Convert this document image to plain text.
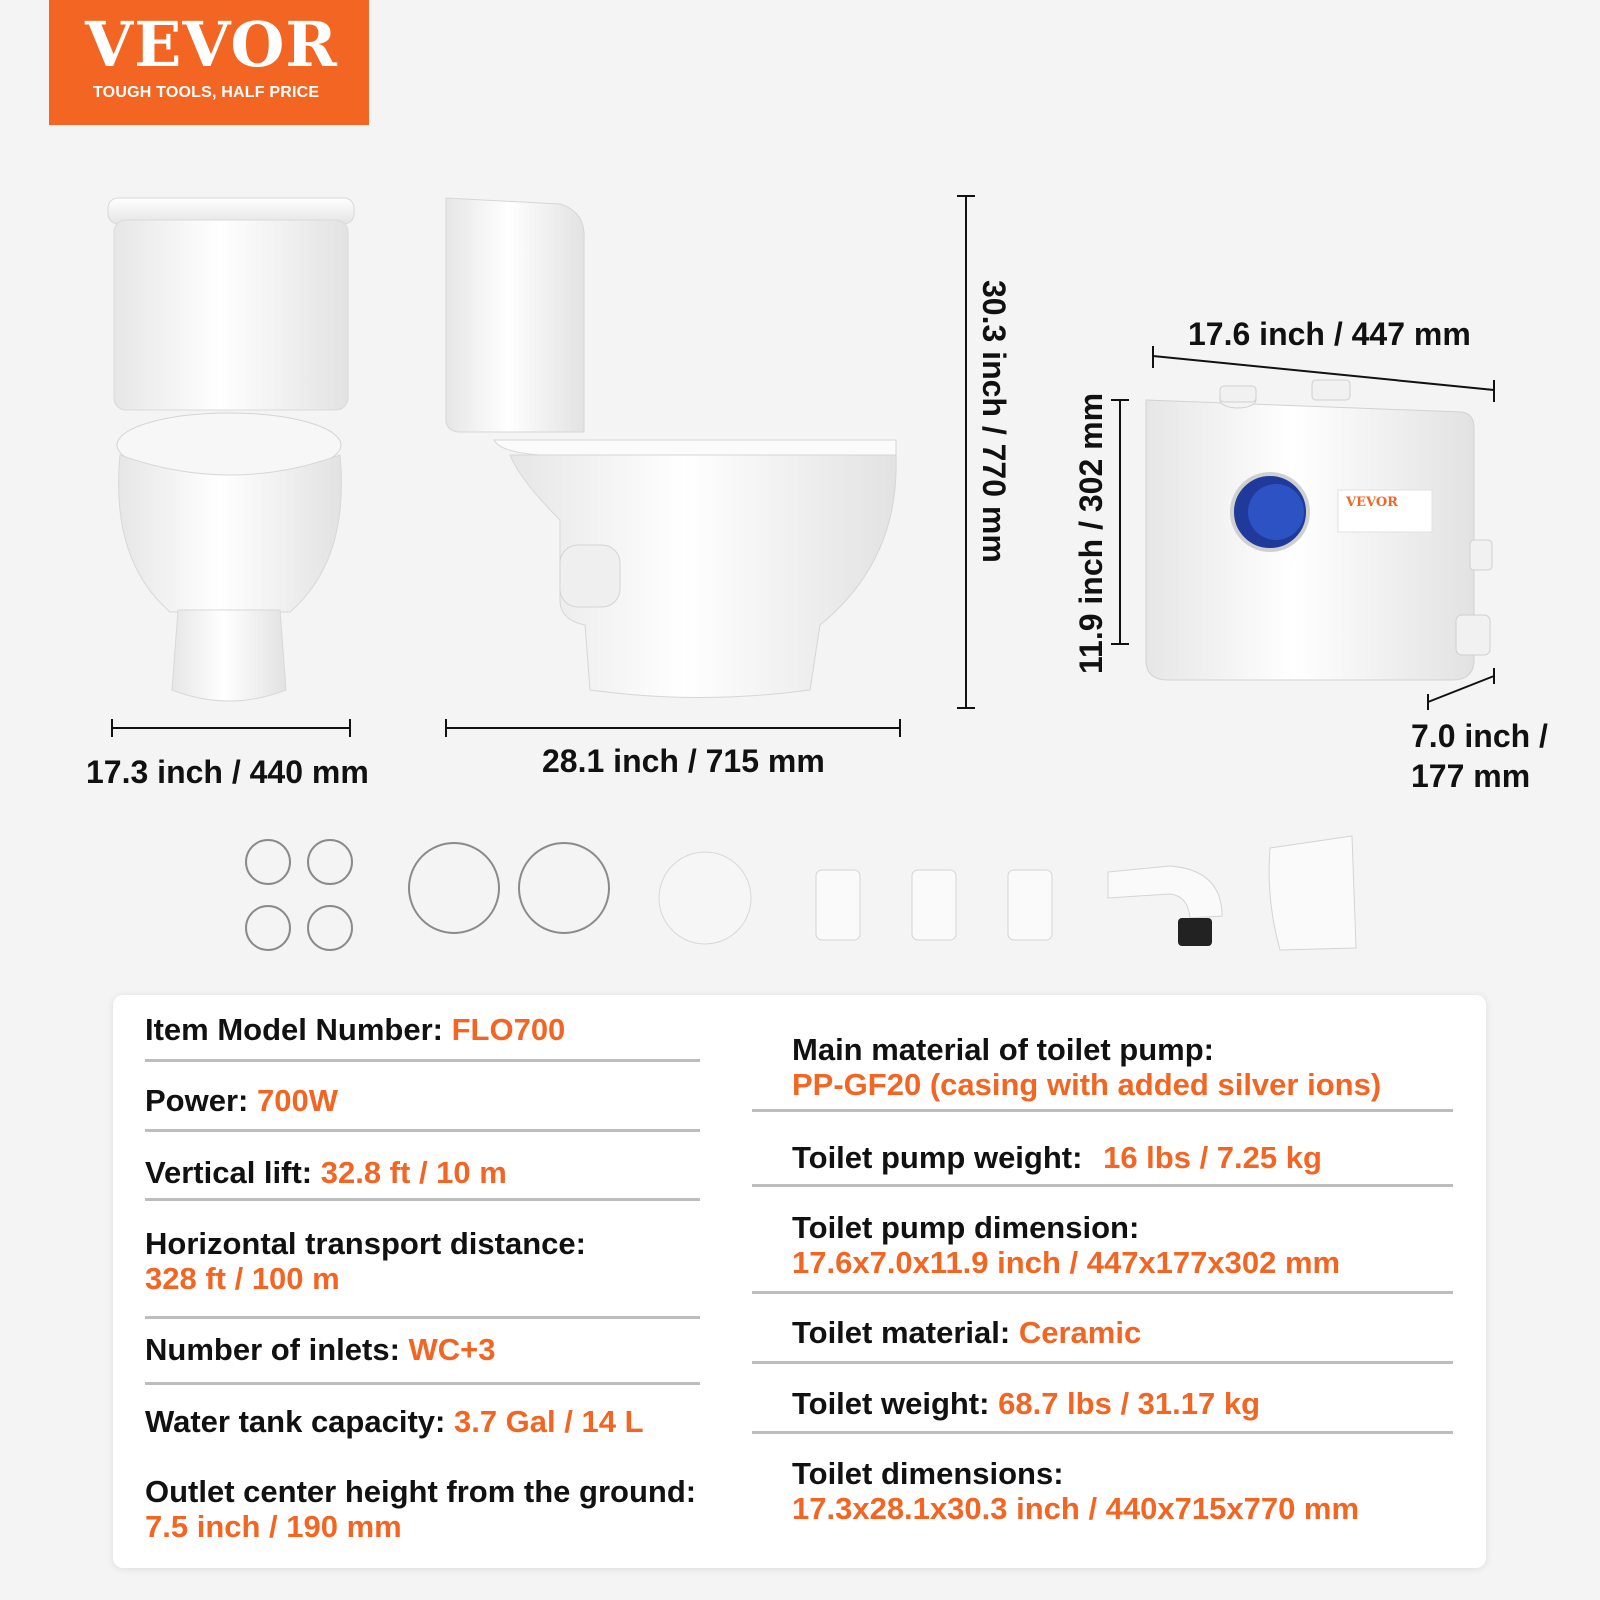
VEVOR
TOUGH TOOLS, HALF PRICE
VEVOR
17.3 inch / 440 mm	28.1 inch / 715 mm
30.3 inch / 770 mm	17.6 inch / 447 mm
11.9 inch / 302 mm
7.0 inch /
177 mm
Item Model Number: FLO700
Power: 700W
Vertical lift: 32.8 ft / 10 m
Horizontal transport distance:
328 ft / 100 m
Number of inlets: WC+3
Water tank capacity: 3.7 Gal / 14 L
Outlet center height from the ground:
7.5 inch / 190 mm
Main material of toilet pump:
PP-GF20 (casing with added silver ions)
Toilet pump weight: 16 lbs / 7.25 kg
Toilet pump dimension:
17.6x7.0x11.9 inch / 447x177x302 mm
Toilet material: Ceramic
Toilet weight: 68.7 lbs / 31.17 kg
Toilet dimensions:
17.3x28.1x30.3 inch / 440x715x770 mm
